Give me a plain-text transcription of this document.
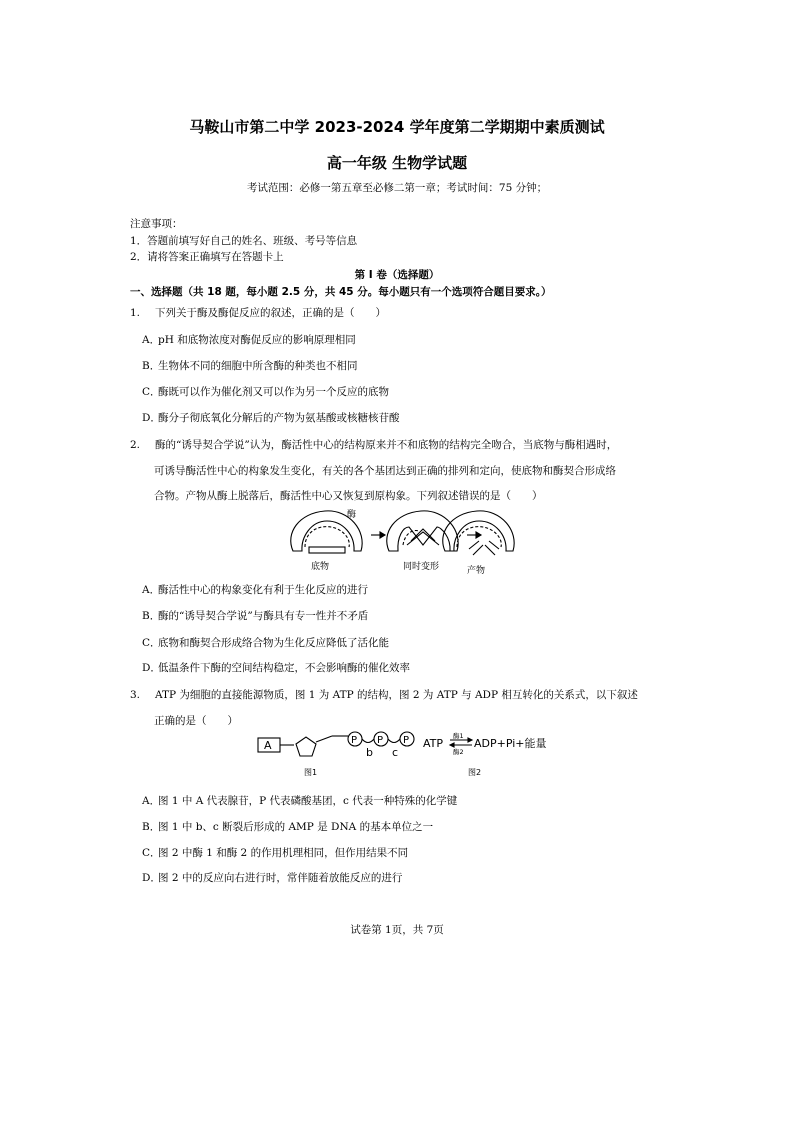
马鞍山市第二中学 2023-2024 学年度第二学期期中素质测试
高一年级 生物学试题
考试范围：必修一第五章至必修二第一章；考试时间：75 分钟；
注意事项：
1．答题前填写好自己的姓名、班级、考号等信息
2．请将答案正确填写在答题卡上
第 I 卷（选择题）
一、选择题（共 18 题，每小题 2.5 分，共 45 分。每小题只有一个选项符合题目要求。）
1. 下列关于酶及酶促反应的叙述，正确的是（　　）
A．pH 和底物浓度对酶促反应的影响原理相同
B．生物体不同的细胞中所含酶的种类也不相同
C．酶既可以作为催化剂又可以作为另一个反应的底物
D．酶分子彻底氧化分解后的产物为氨基酸或核糖核苷酸
2. 酶的“诱导契合学说”认为，酶活性中心的结构原来并不和底物的结构完全吻合，当底物与酶相遇时，
可诱导酶活性中心的构象发生变化，有关的各个基团达到正确的排列和定向，使底物和酶契合形成络
合物。产物从酶上脱落后，酶活性中心又恢复到原构象。下列叙述错误的是（　　）
酶
底物	同时变形	产物
A．酶活性中心的构象变化有利于生化反应的进行
B．酶的“诱导契合学说”与酶具有专一性并不矛盾
C．底物和酶契合形成络合物为生化反应降低了活化能
D．低温条件下酶的空间结构稳定，不会影响酶的催化效率
3. ATP 为细胞的直接能源物质，图 1 为 ATP 的结构，图 2 为 ATP 与 ADP 相互转化的关系式，以下叙述
正确的是（　　）
A	P P P
b c
ATP
酶1
酶2
ADP+Pi+能量
图1	图2
A．图 1 中 A 代表腺苷，P 代表磷酸基团，c 代表一种特殊的化学键
B．图 1 中 b、c 断裂后形成的 AMP 是 DNA 的基本单位之一
C．图 2 中酶 1 和酶 2 的作用机理相同，但作用结果不同
D．图 2 中的反应向右进行时，常伴随着放能反应的进行
试卷第 1页，共 7页
